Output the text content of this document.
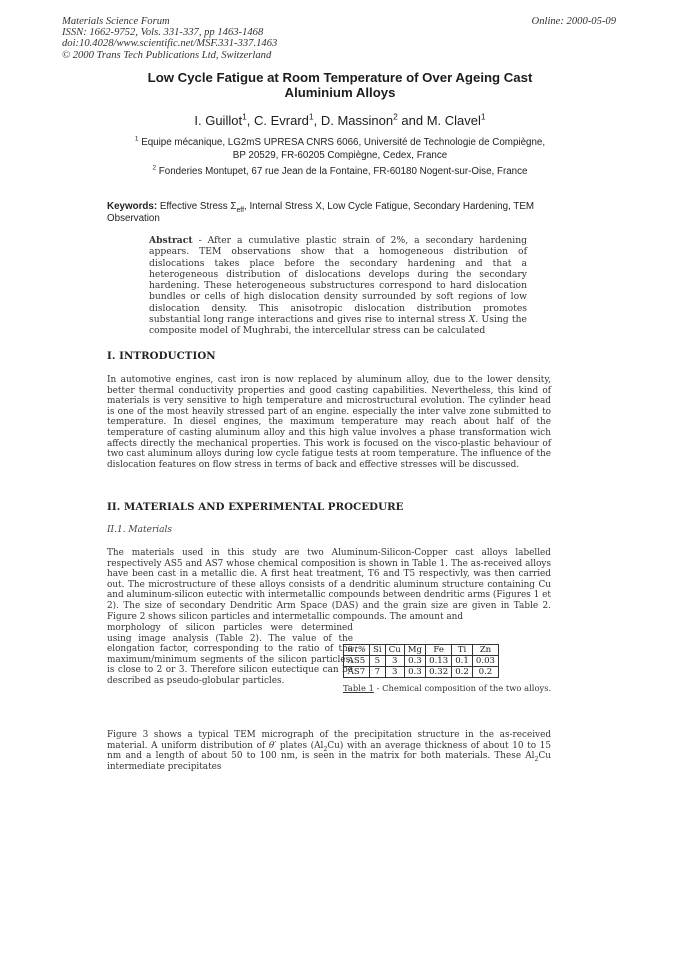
Materials Science Forum
ISSN: 1662-9752, Vols. 331-337, pp 1463-1468
doi:10.4028/www.scientific.net/MSF.331-337.1463
© 2000 Trans Tech Publications Ltd, Switzerland
Online: 2000-05-09
Low Cycle Fatigue at Room Temperature of Over Ageing Cast
Aluminium Alloys
I. Guillot$^1$, C. Evrard$^1$, D. Massinon$^2$ and M. Clavel$^1$
$^1$ Equipe mécanique, LG2mS UPRESA CNRS 6066, Université de Technologie de Compiègne,
BP 20529, FR-60205 Compiègne, Cedex, France
$^2$ Fonderies Montupet, 67 rue Jean de la Fontaine, FR-60180 Nogent-sur-Oise, France
Keywords: Effective Stress $\Sigma_{eff}$, Internal Stress X, Low Cycle Fatigue, Secondary Hardening, TEM Observation
Abstract - After a cumulative plastic strain of 2%, a secondary hardening appears. TEM observations show that a homogeneous distribution of dislocations takes place before the secondary hardening and that a heterogeneous distribution of dislocations develops during the secondary hardening. These heterogeneous substructures correspond to hard dislocation bundles or cells of high dislocation density surrounded by soft regions of low dislocation density. This anisotropic dislocation distribution promotes substantial long range interactions and gives rise to internal stress X. Using the composite model of Mughrabi, the intercellular stress can be calculated
I. INTRODUCTION
In automotive engines, cast iron is now replaced by aluminum alloy, due to the lower density, better thermal conductivity properties and good casting capabilities. Nevertheless, this kind of materials is very sensitive to high temperature and microstructural evolution. The cylinder head is one of the most heavily stressed part of an engine. especially the inter valve zone submitted to temperature. In diesel engines, the maximum temperature may reach about half of the temperature of casting aluminum alloy and this high value involves a phase transformation wich affects directly the mechanical properties. This work is focused on the visco-plastic behaviour of two cast aluminum alloys during low cycle fatigue tests at room temperature. The influence of the dislocation features on flow stress in terms of back and effective stresses will be discussed.
II. MATERIALS AND EXPERIMENTAL PROCEDURE
II.1. Materials
The materials used in this study are two Aluminum-Silicon-Copper cast alloys labelled respectively AS5 and AS7 whose chemical composition is shown in Table 1. The as-received alloys have been cast in a metallic die. A first heat treatment, T6 and T5 respectivly, was then carried out. The microstructure of these alloys consists of a dendritic aluminum structure containing Cu and aluminum-silicon eutectic with intermetallic compounds between dendritic arms (Figures 1 et 2). The size of secondary Dendritic Arm Space (DAS) and the grain size are given in Table 2. Figure 2 shows silicon particles and intermetallic compounds. The amount and
morphology of silicon particles were determined using image analysis (Table 2). The value of the elongation factor, corresponding to the ratio of the maximum/minimum segments of the silicon particles, is close to 2 or 3. Therefore silicon eutectique can be described as pseudo-globular particles.
wt%	Si	Cu	Mg	Fe	Ti	Zn
AS5	5	3	0.3	0.13	0.1	0.03
AS7	7	3	0.3	0.32	0.2	0.2
Table 1 - Chemical composition of the two alloys.
Figure 3 shows a typical TEM micrograph of the precipitation structure in the as-received material. A uniform distribution of θ′ plates $(Al_2Cu)$ with an average thickness of about 10 to 15 nm and a length of about 50 to 100 nm, is seen in the matrix for both materials. These $Al_2Cu$ intermediate precipitates
